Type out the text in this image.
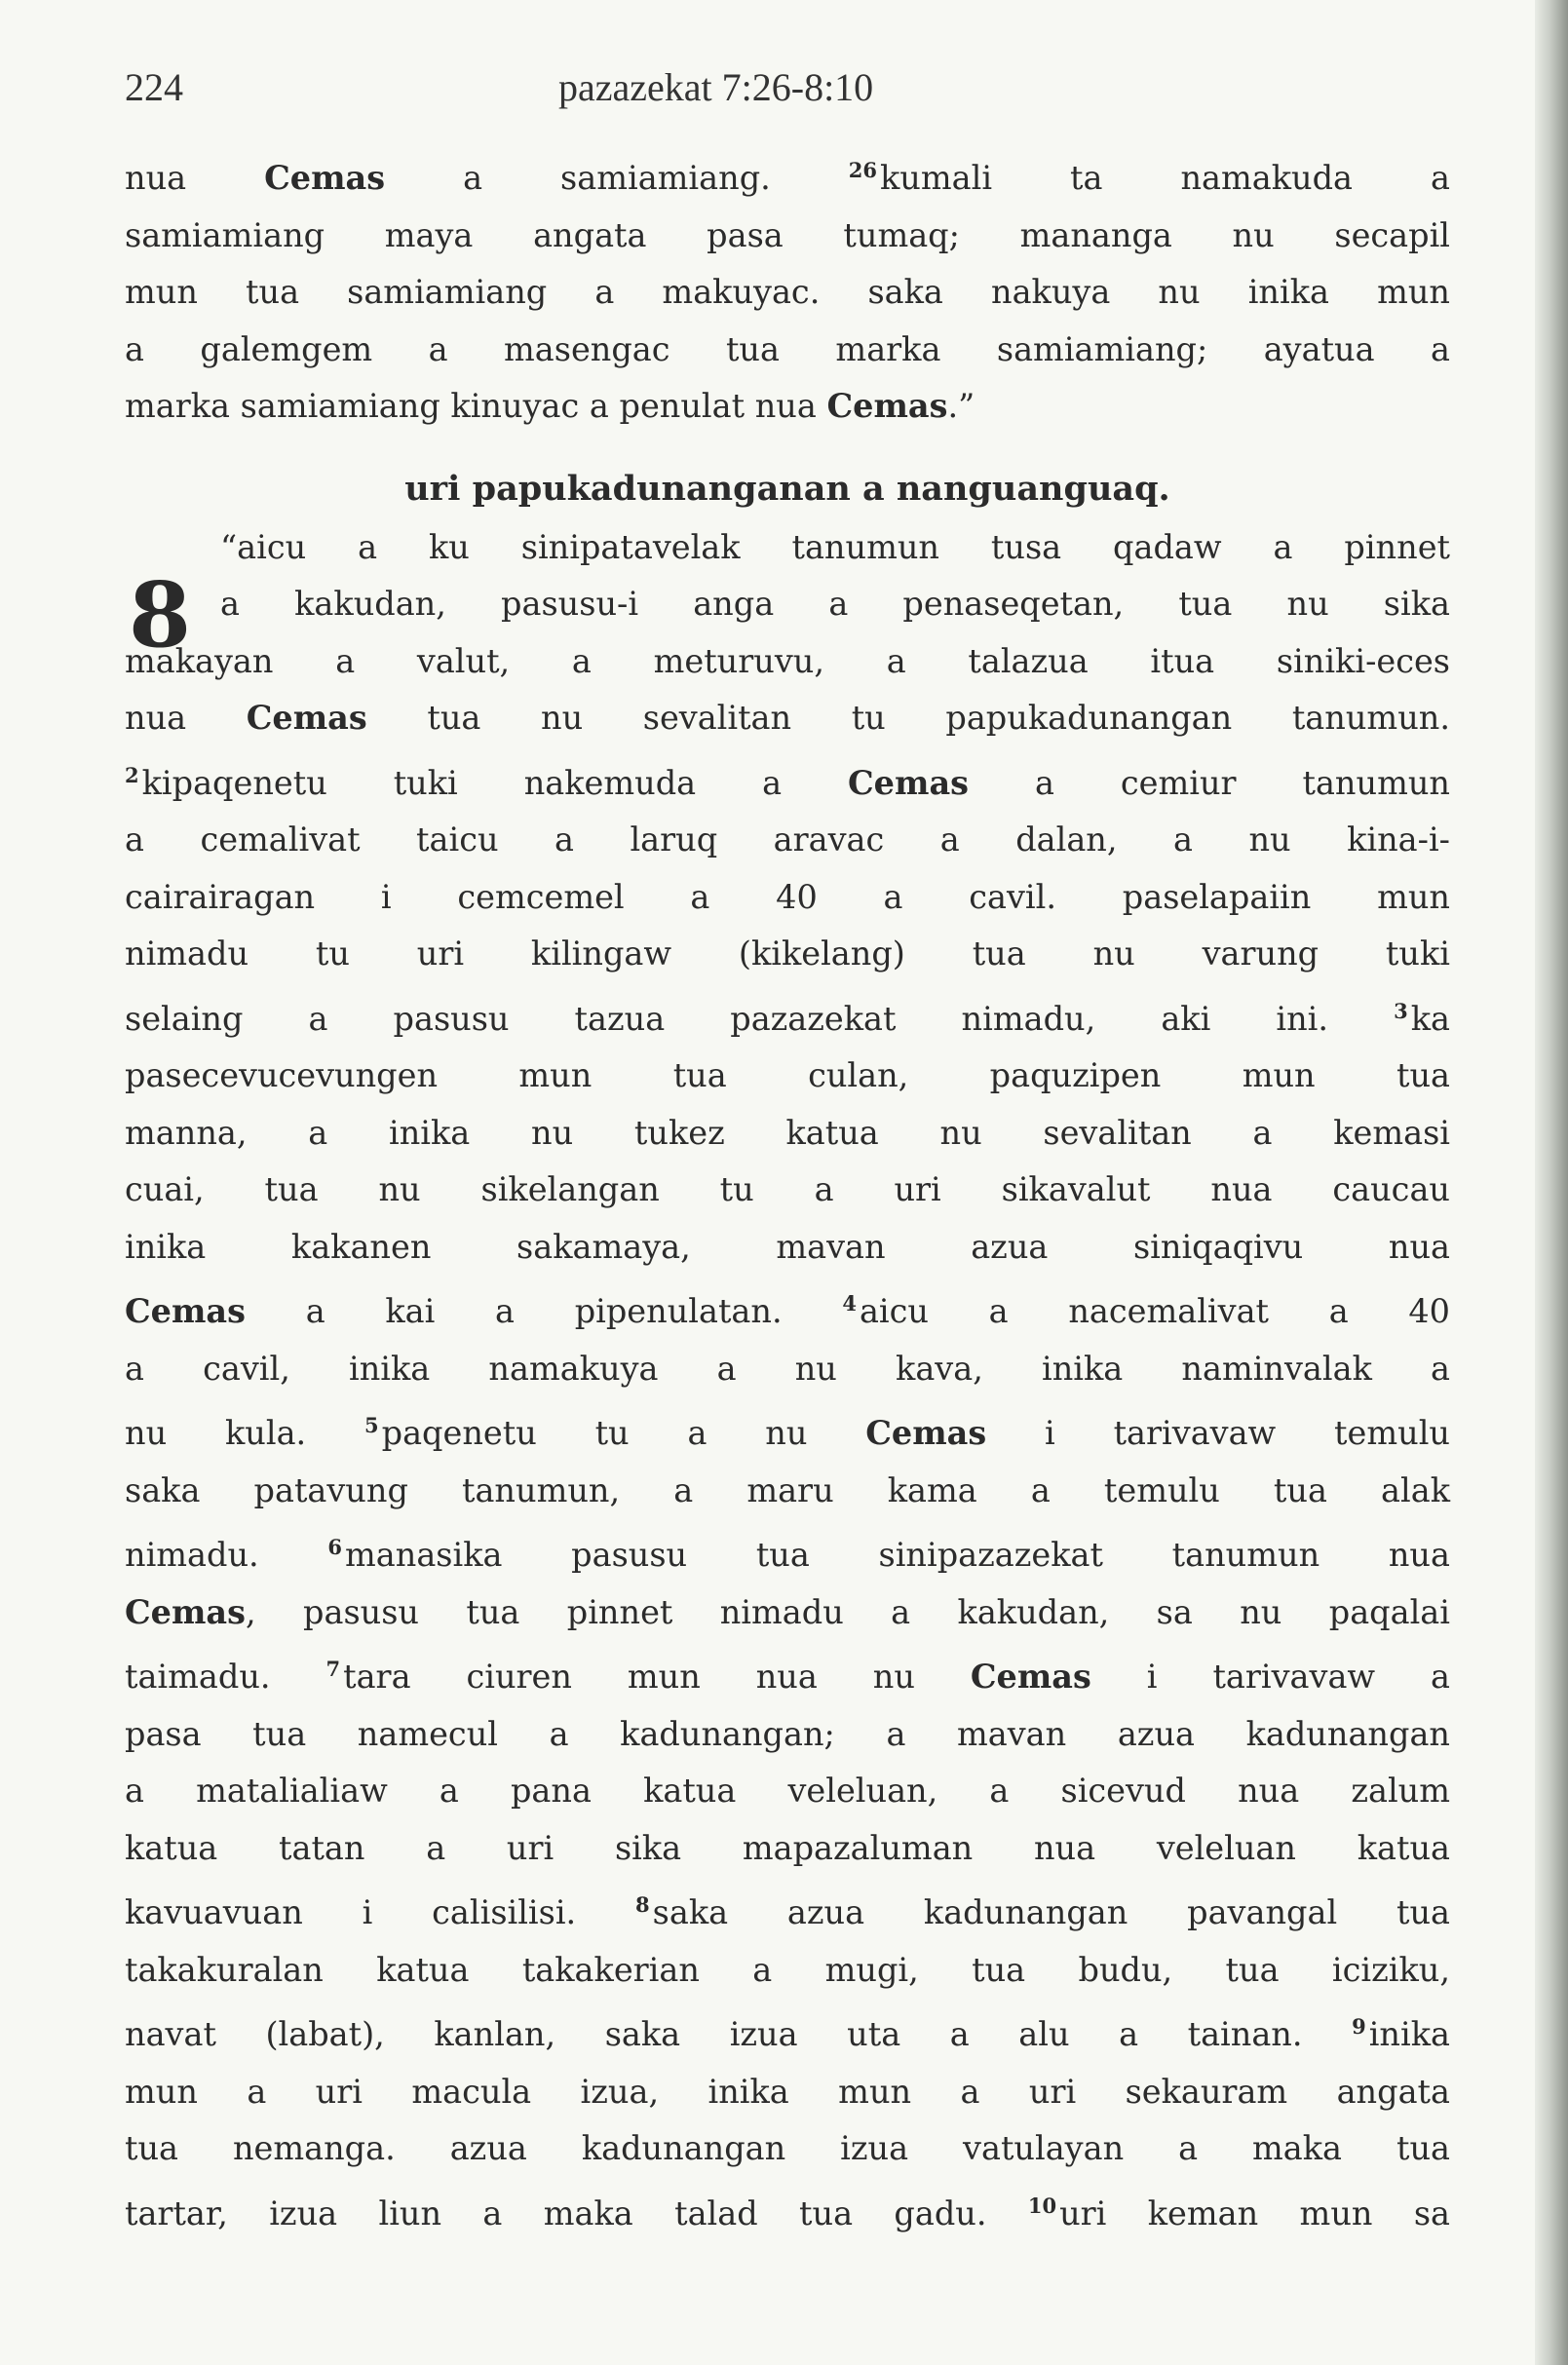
224	pazazekat 7:26-8:10
nua Cemas a samiamiang. $^{26}$kumali ta namakuda a
samiamiang maya angata pasa tumaq; mananga nu secapil
mun tua samiamiang a makuyac. saka nakuya nu inika mun
a galemgem a masengac tua marka samiamiang; ayatua a
marka samiamiang kinuyac a penulat nua Cemas.”
uri papukadunanganan a nanguanguaq.
8
“aicu a ku sinipatavelak tanumun tusa qadaw a pinnet
a kakudan, pasusu-i anga a penaseqetan, tua nu sika
makayan a valut, a meturuvu, a talazua itua siniki-eces
nua Cemas tua nu sevalitan tu papukadunangan tanumun.
$^2$kipaqenetu tuki nakemuda a Cemas a cemiur tanumun
a cemalivat taicu a laruq aravac a dalan, a nu kina-i-
cairairagan i cemcemel a 40 a cavil. paselapaiin mun
nimadu tu uri kilingaw (kikelang) tua nu varung tuki
selaing a pasusu tazua pazazekat nimadu, aki ini. $^3$ka
pasecevucevungen mun tua culan, paquzipen mun tua
manna, a inika nu tukez katua nu sevalitan a kemasi
cuai, tua nu sikelangan tu a uri sikavalut nua caucau
inika kakanen sakamaya, mavan azua siniqaqivu nua
Cemas a kai a pipenulatan. $^4$aicu a nacemalivat a 40
a cavil, inika namakuya a nu kava, inika naminvalak a
nu kula. $^5$paqenetu tu a nu Cemas i tarivavaw temulu
saka patavung tanumun, a maru kama a temulu tua alak
nimadu. $^6$manasika pasusu tua sinipazazekat tanumun nua
Cemas, pasusu tua pinnet nimadu a kakudan, sa nu paqalai
taimadu. $^7$tara ciuren mun nua nu Cemas i tarivavaw a
pasa tua namecul a kadunangan; a mavan azua kadunangan
a matalialiaw a pana katua veleluan, a sicevud nua zalum
katua tatan a uri sika mapazaluman nua veleluan katua
kavuavuan i calisilisi. $^8$saka azua kadunangan pavangal tua
takakuralan katua takakerian a mugi, tua budu, tua iciziku,
navat (labat), kanlan, saka izua uta a alu a tainan. $^9$inika
mun a uri macula izua, inika mun a uri sekauram angata
tua nemanga. azua kadunangan izua vatulayan a maka tua
tartar, izua liun a maka talad tua gadu. $^{10}$uri keman mun sa
